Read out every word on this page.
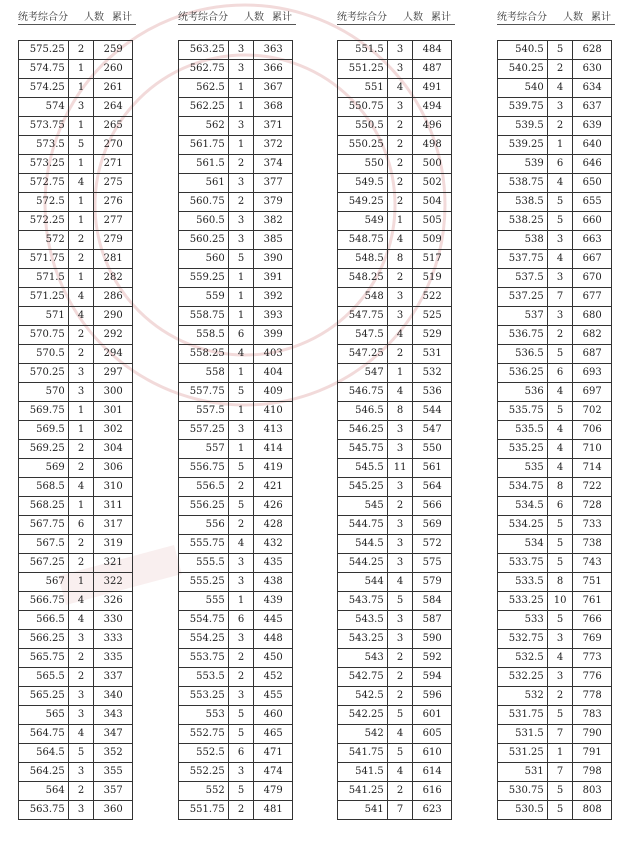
统考综合分 人数 累计
575.25	2	259
574.75	1	260
574.25	1	261
574	3	264
573.75	1	265
573.5	5	270
573.25	1	271
572.75	4	275
572.5	1	276
572.25	1	277
572	2	279
571.75	2	281
571.5	1	282
571.25	4	286
571	4	290
570.75	2	292
570.5	2	294
570.25	3	297
570	3	300
569.75	1	301
569.5	1	302
569.25	2	304
569	2	306
568.5	4	310
568.25	1	311
567.75	6	317
567.5	2	319
567.25	2	321
567	1	322
566.75	4	326
566.5	4	330
566.25	3	333
565.75	2	335
565.5	2	337
565.25	3	340
565	3	343
564.75	4	347
564.5	5	352
564.25	3	355
564	2	357
563.75	3	360
统考综合分 人数 累计
563.25	3	363
562.75	3	366
562.5	1	367
562.25	1	368
562	3	371
561.75	1	372
561.5	2	374
561	3	377
560.75	2	379
560.5	3	382
560.25	3	385
560	5	390
559.25	1	391
559	1	392
558.75	1	393
558.5	6	399
558.25	4	403
558	1	404
557.75	5	409
557.5	1	410
557.25	3	413
557	1	414
556.75	5	419
556.5	2	421
556.25	5	426
556	2	428
555.75	4	432
555.5	3	435
555.25	3	438
555	1	439
554.75	6	445
554.25	3	448
553.75	2	450
553.5	2	452
553.25	3	455
553	5	460
552.75	5	465
552.5	6	471
552.25	3	474
552	5	479
551.75	2	481
统考综合分 人数 累计
551.5	3	484
551.25	3	487
551	4	491
550.75	3	494
550.5	2	496
550.25	2	498
550	2	500
549.5	2	502
549.25	2	504
549	1	505
548.75	4	509
548.5	8	517
548.25	2	519
548	3	522
547.75	3	525
547.5	4	529
547.25	2	531
547	1	532
546.75	4	536
546.5	8	544
546.25	3	547
545.75	3	550
545.5	11	561
545.25	3	564
545	2	566
544.75	3	569
544.5	3	572
544.25	3	575
544	4	579
543.75	5	584
543.5	3	587
543.25	3	590
543	2	592
542.75	2	594
542.5	2	596
542.25	5	601
542	4	605
541.75	5	610
541.5	4	614
541.25	2	616
541	7	623
统考综合分 人数 累计
540.5	5	628
540.25	2	630
540	4	634
539.75	3	637
539.5	2	639
539.25	1	640
539	6	646
538.75	4	650
538.5	5	655
538.25	5	660
538	3	663
537.75	4	667
537.5	3	670
537.25	7	677
537	3	680
536.75	2	682
536.5	5	687
536.25	6	693
536	4	697
535.75	5	702
535.5	4	706
535.25	4	710
535	4	714
534.75	8	722
534.5	6	728
534.25	5	733
534	5	738
533.75	5	743
533.5	8	751
533.25	10	761
533	5	766
532.75	3	769
532.5	4	773
532.25	3	776
532	2	778
531.75	5	783
531.5	7	790
531.25	1	791
531	7	798
530.75	5	803
530.5	5	808
